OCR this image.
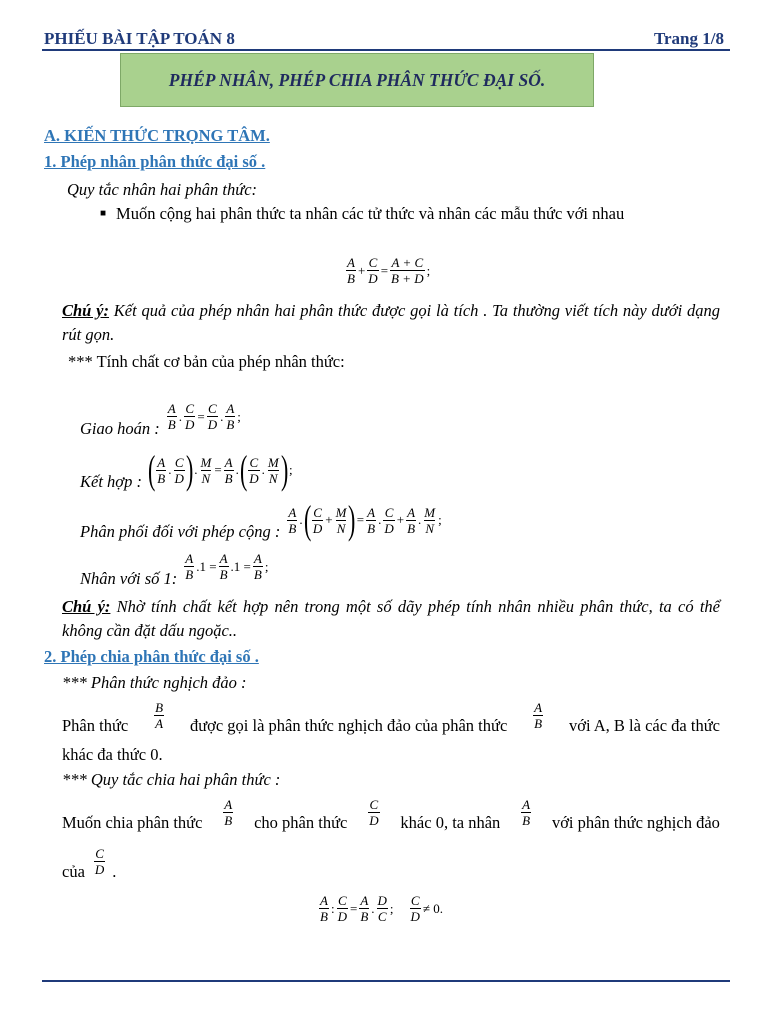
PHIẾU BÀI TẬP TOÁN 8	Trang 1/8
PHÉP NHÂN, PHÉP CHIA PHÂN THỨC ĐẠI SỐ.
A. KIẾN THỨC TRỌNG TÂM.
1. Phép nhân phân thức đại số .
Quy tắc nhân hai phân thức:
■ Muốn cộng hai phân thức ta nhân các tử thức và nhân các mẫu thức với nhau
$\frac{A}{B} + \frac{C}{D} = \frac{A + C}{B + D}$ ;
Chú ý: Kết quả của phép nhân hai phân thức được gọi là tích . Ta thường viết tích này dưới dạng rút gọn.
*** Tính chất cơ bản của phép nhân thức:
Giao hoán : $\frac{A}{B}$ . $\frac{C}{D} = \frac{C}{D}$ . $\frac{A}{B}$ ;
Kết hợp : ( $\frac{A}{B}$ . $\frac{C}{D}$ ) . $\frac{M}{N} = \frac{A}{B}$ . ( $\frac{C}{D}$ . $\frac{M}{N}$ ) ;
Phân phối đối với phép cộng : $\frac{A}{B}$ . ( $\frac{C}{D} + \frac{M}{N}$ ) = $\frac{A}{B}$ . $\frac{C}{D} + \frac{A}{B}$ . $\frac{M}{N}$ ;
Nhân với số 1: $\frac{A}{B} .1 = \frac{A}{B} .1 = \frac{A}{B}$ ;
Chú ý: Nhờ tính chất kết hợp nên trong một số dãy phép tính nhân nhiều phân thức, ta có thể không cần đặt dấu ngoặc..
2. Phép chia phân thức đại số .
*** Phân thức nghịch đảo :
Phân thức $\frac{B}{A}$ được gọi là phân thức nghịch đảo của phân thức $\frac{A}{B}$ với A, B là các đa thức
khác đa thức 0.
*** Quy tắc chia hai phân thức :
Muốn chia phân thức $\frac{A}{B}$ cho phân thức $\frac{C}{D}$ khác 0, ta nhân $\frac{A}{B}$ với phân thức nghịch đảo
của $\frac{C}{D}$ .
$\frac{A}{B}$ : $\frac{C}{D} = \frac{A}{B}$ . $\frac{D}{C}$ ; $\frac{C}{D} \ne 0$.
